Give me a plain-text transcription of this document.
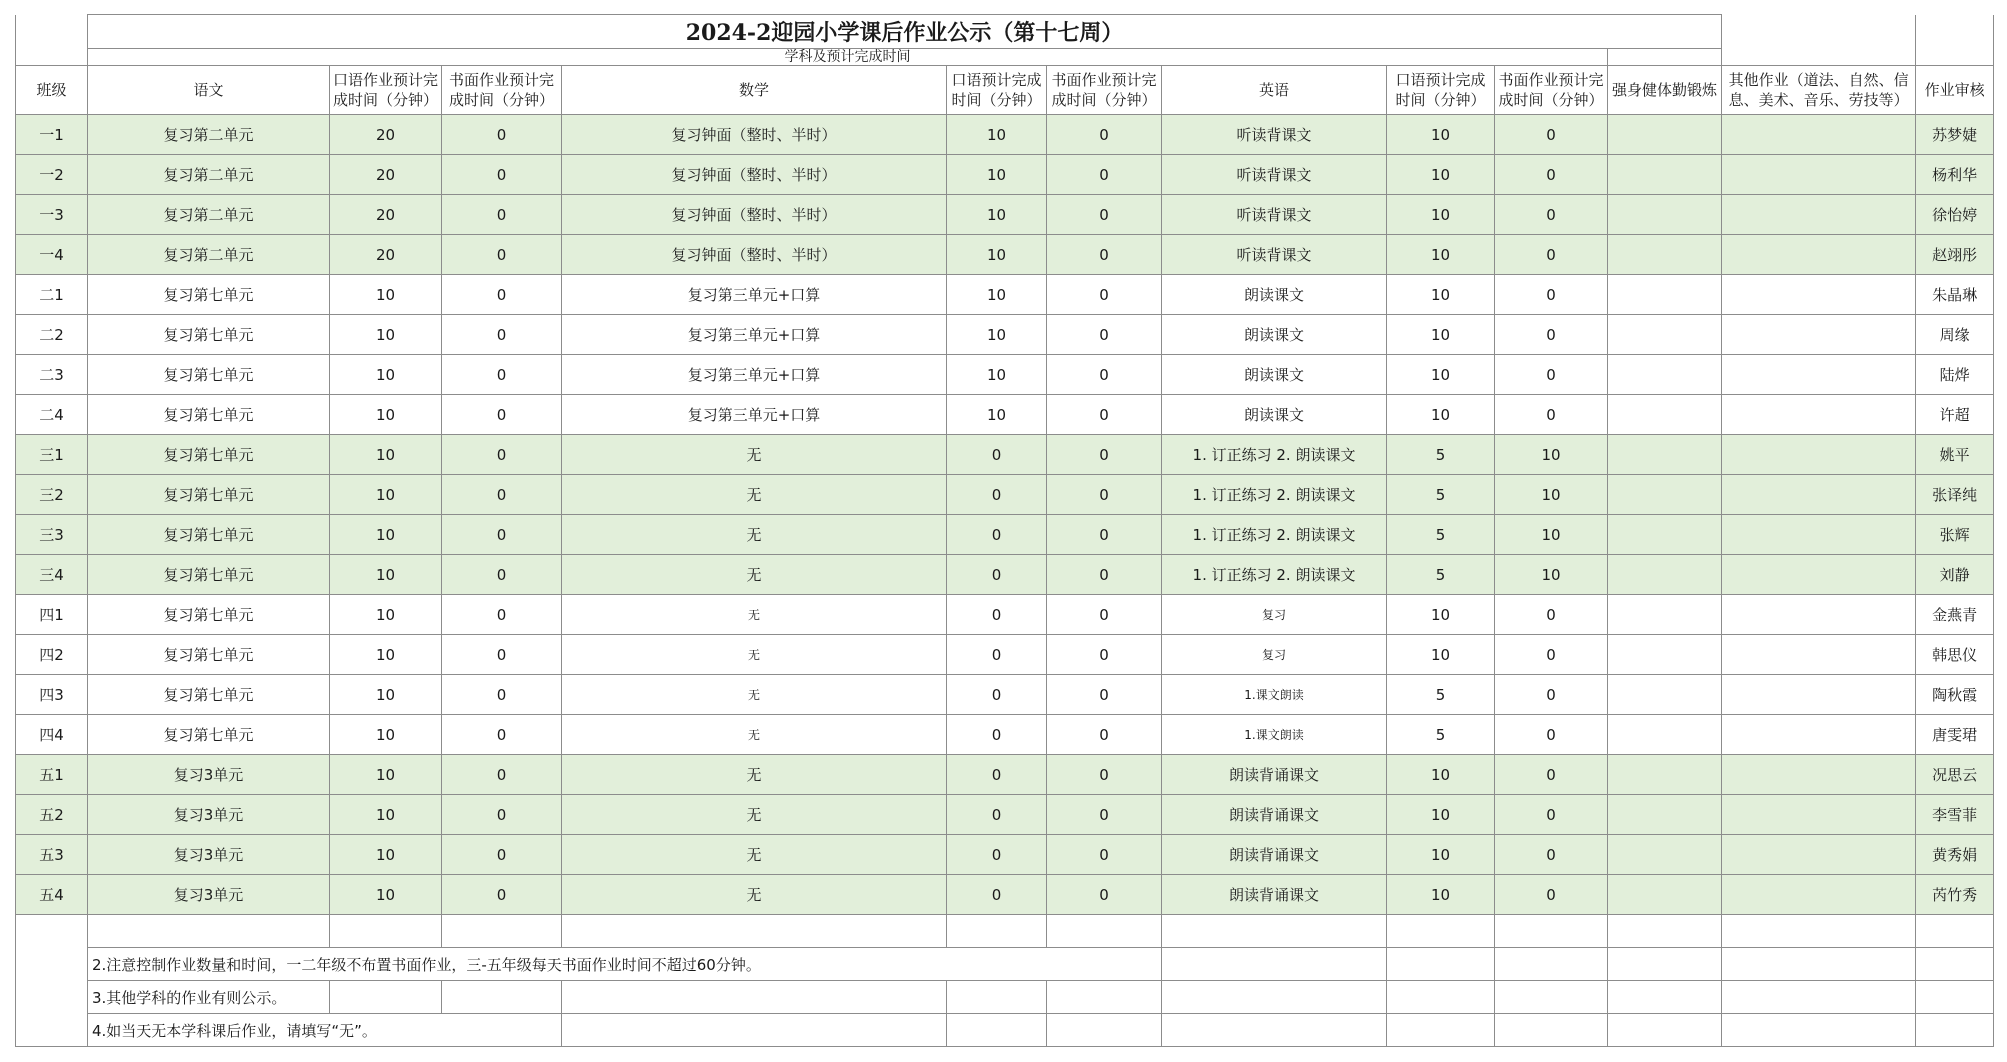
	2024-2迎园小学课后作业公示（第十七周）											
	学科及预计完成时间											
班级	语文	口语作业预计完成时间（分钟）	书面作业预计完成时间（分钟）	数学	口语预计完成时间（分钟）	书面作业预计完成时间（分钟）	英语	口语预计完成时间（分钟）	书面作业预计完成时间（分钟）	强身健体勤锻炼	其他作业（道法、自然、信息、美术、音乐、劳技等）	作业审核
一1	复习第二单元	20	0	复习钟面（整时、半时）	10	0	听读背课文	10	0			苏梦婕
一2	复习第二单元	20	0	复习钟面（整时、半时）	10	0	听读背课文	10	0			杨利华
一3	复习第二单元	20	0	复习钟面（整时、半时）	10	0	听读背课文	10	0			徐怡婷
一4	复习第二单元	20	0	复习钟面（整时、半时）	10	0	听读背课文	10	0			赵翊彤
二1	复习第七单元	10	0	复习第三单元+口算	10	0	朗读课文	10	0			朱晶琳
二2	复习第七单元	10	0	复习第三单元+口算	10	0	朗读课文	10	0			周缘
二3	复习第七单元	10	0	复习第三单元+口算	10	0	朗读课文	10	0			陆烨
二4	复习第七单元	10	0	复习第三单元+口算	10	0	朗读课文	10	0			许超
三1	复习第七单元	10	0	无	0	0	1. 订正练习 2. 朗读课文	5	10			姚平
三2	复习第七单元	10	0	无	0	0	1. 订正练习 2. 朗读课文	5	10			张译纯
三3	复习第七单元	10	0	无	0	0	1. 订正练习 2. 朗读课文	5	10			张辉
三4	复习第七单元	10	0	无	0	0	1. 订正练习 2. 朗读课文	5	10			刘静
四1	复习第七单元	10	0	无	0	0	复习	10	0			金燕青
四2	复习第七单元	10	0	无	0	0	复习	10	0			韩思仪
四3	复习第七单元	10	0	无	0	0	1.课文朗读	5	0			陶秋霞
四4	复习第七单元	10	0	无	0	0	1.课文朗读	5	0			唐雯珺
五1	复习3单元	10	0	无	0	0	朗读背诵课文	10	0			况思云
五2	复习3单元	10	0	无	0	0	朗读背诵课文	10	0			李雪菲
五3	复习3单元	10	0	无	0	0	朗读背诵课文	10	0			黄秀娟
五4	复习3单元	10	0	无	0	0	朗读背诵课文	10	0			芮竹秀

	2.注意控制作业数量和时间，一二年级不布置书面作业，三-五年级每天书面作业时间不超过60分钟。											
	3.其他学科的作业有则公示。											
	4.如当天无本学科课后作业，请填写“无”。											
